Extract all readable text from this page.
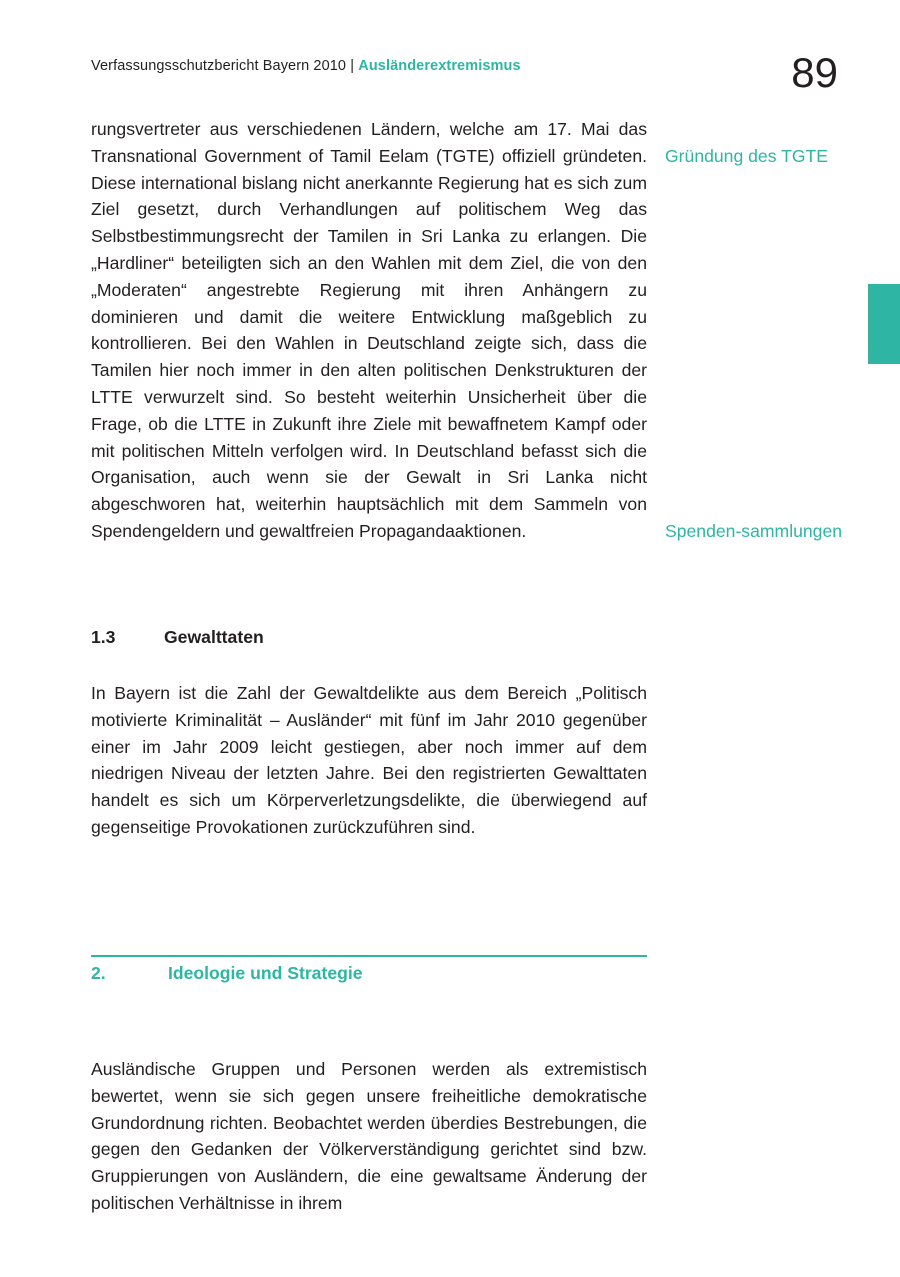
Verfassungsschutzbericht Bayern 2010 | Ausländerextremismus	89

rungsvertreter aus verschiedenen Ländern, welche am 17. Mai das Transnational Government of Tamil Eelam (TGTE) offiziell gründeten. Diese international bislang nicht anerkannte Regierung hat es sich zum Ziel gesetzt, durch Verhandlungen auf politischem Weg das Selbstbestimmungsrecht der Tamilen in Sri Lanka zu erlangen. Die „Hardliner“ beteiligten sich an den Wahlen mit dem Ziel, die von den „Moderaten“ angestrebte Regierung mit ihren Anhängern zu dominieren und damit die weitere Entwicklung maßgeblich zu kontrollieren. Bei den Wahlen in Deutschland zeigte sich, dass die Tamilen hier noch immer in den alten politischen Denkstrukturen der LTTE verwurzelt sind. So besteht weiterhin Unsicherheit über die Frage, ob die LTTE in Zukunft ihre Ziele mit bewaffnetem Kampf oder mit politischen Mitteln verfolgen wird. In Deutschland befasst sich die Organisation, auch wenn sie der Gewalt in Sri Lanka nicht abgeschworen hat, weiterhin hauptsächlich mit dem Sammeln von Spendengeldern und gewaltfreien Propagandaaktionen.

Gründung des TGTE
Spenden-sammlungen
1.3	Gewalttaten

In Bayern ist die Zahl der Gewaltdelikte aus dem Bereich „Politisch motivierte Kriminalität – Ausländer“ mit fünf im Jahr 2010 gegenüber einer im Jahr 2009 leicht gestiegen, aber noch immer auf dem niedrigen Niveau der letzten Jahre. Bei den registrierten Gewalttaten handelt es sich um Körperverletzungsdelikte, die überwiegend auf gegenseitige Provokationen zurückzuführen sind.

2.	Ideologie und Strategie

Ausländische Gruppen und Personen werden als extremistisch bewertet, wenn sie sich gegen unsere freiheitliche demokratische Grundordnung richten. Beobachtet werden überdies Bestrebungen, die gegen den Gedanken der Völkerverständigung gerichtet sind bzw. Gruppierungen von Ausländern, die eine gewaltsame Änderung der politischen Verhältnisse in ihrem
